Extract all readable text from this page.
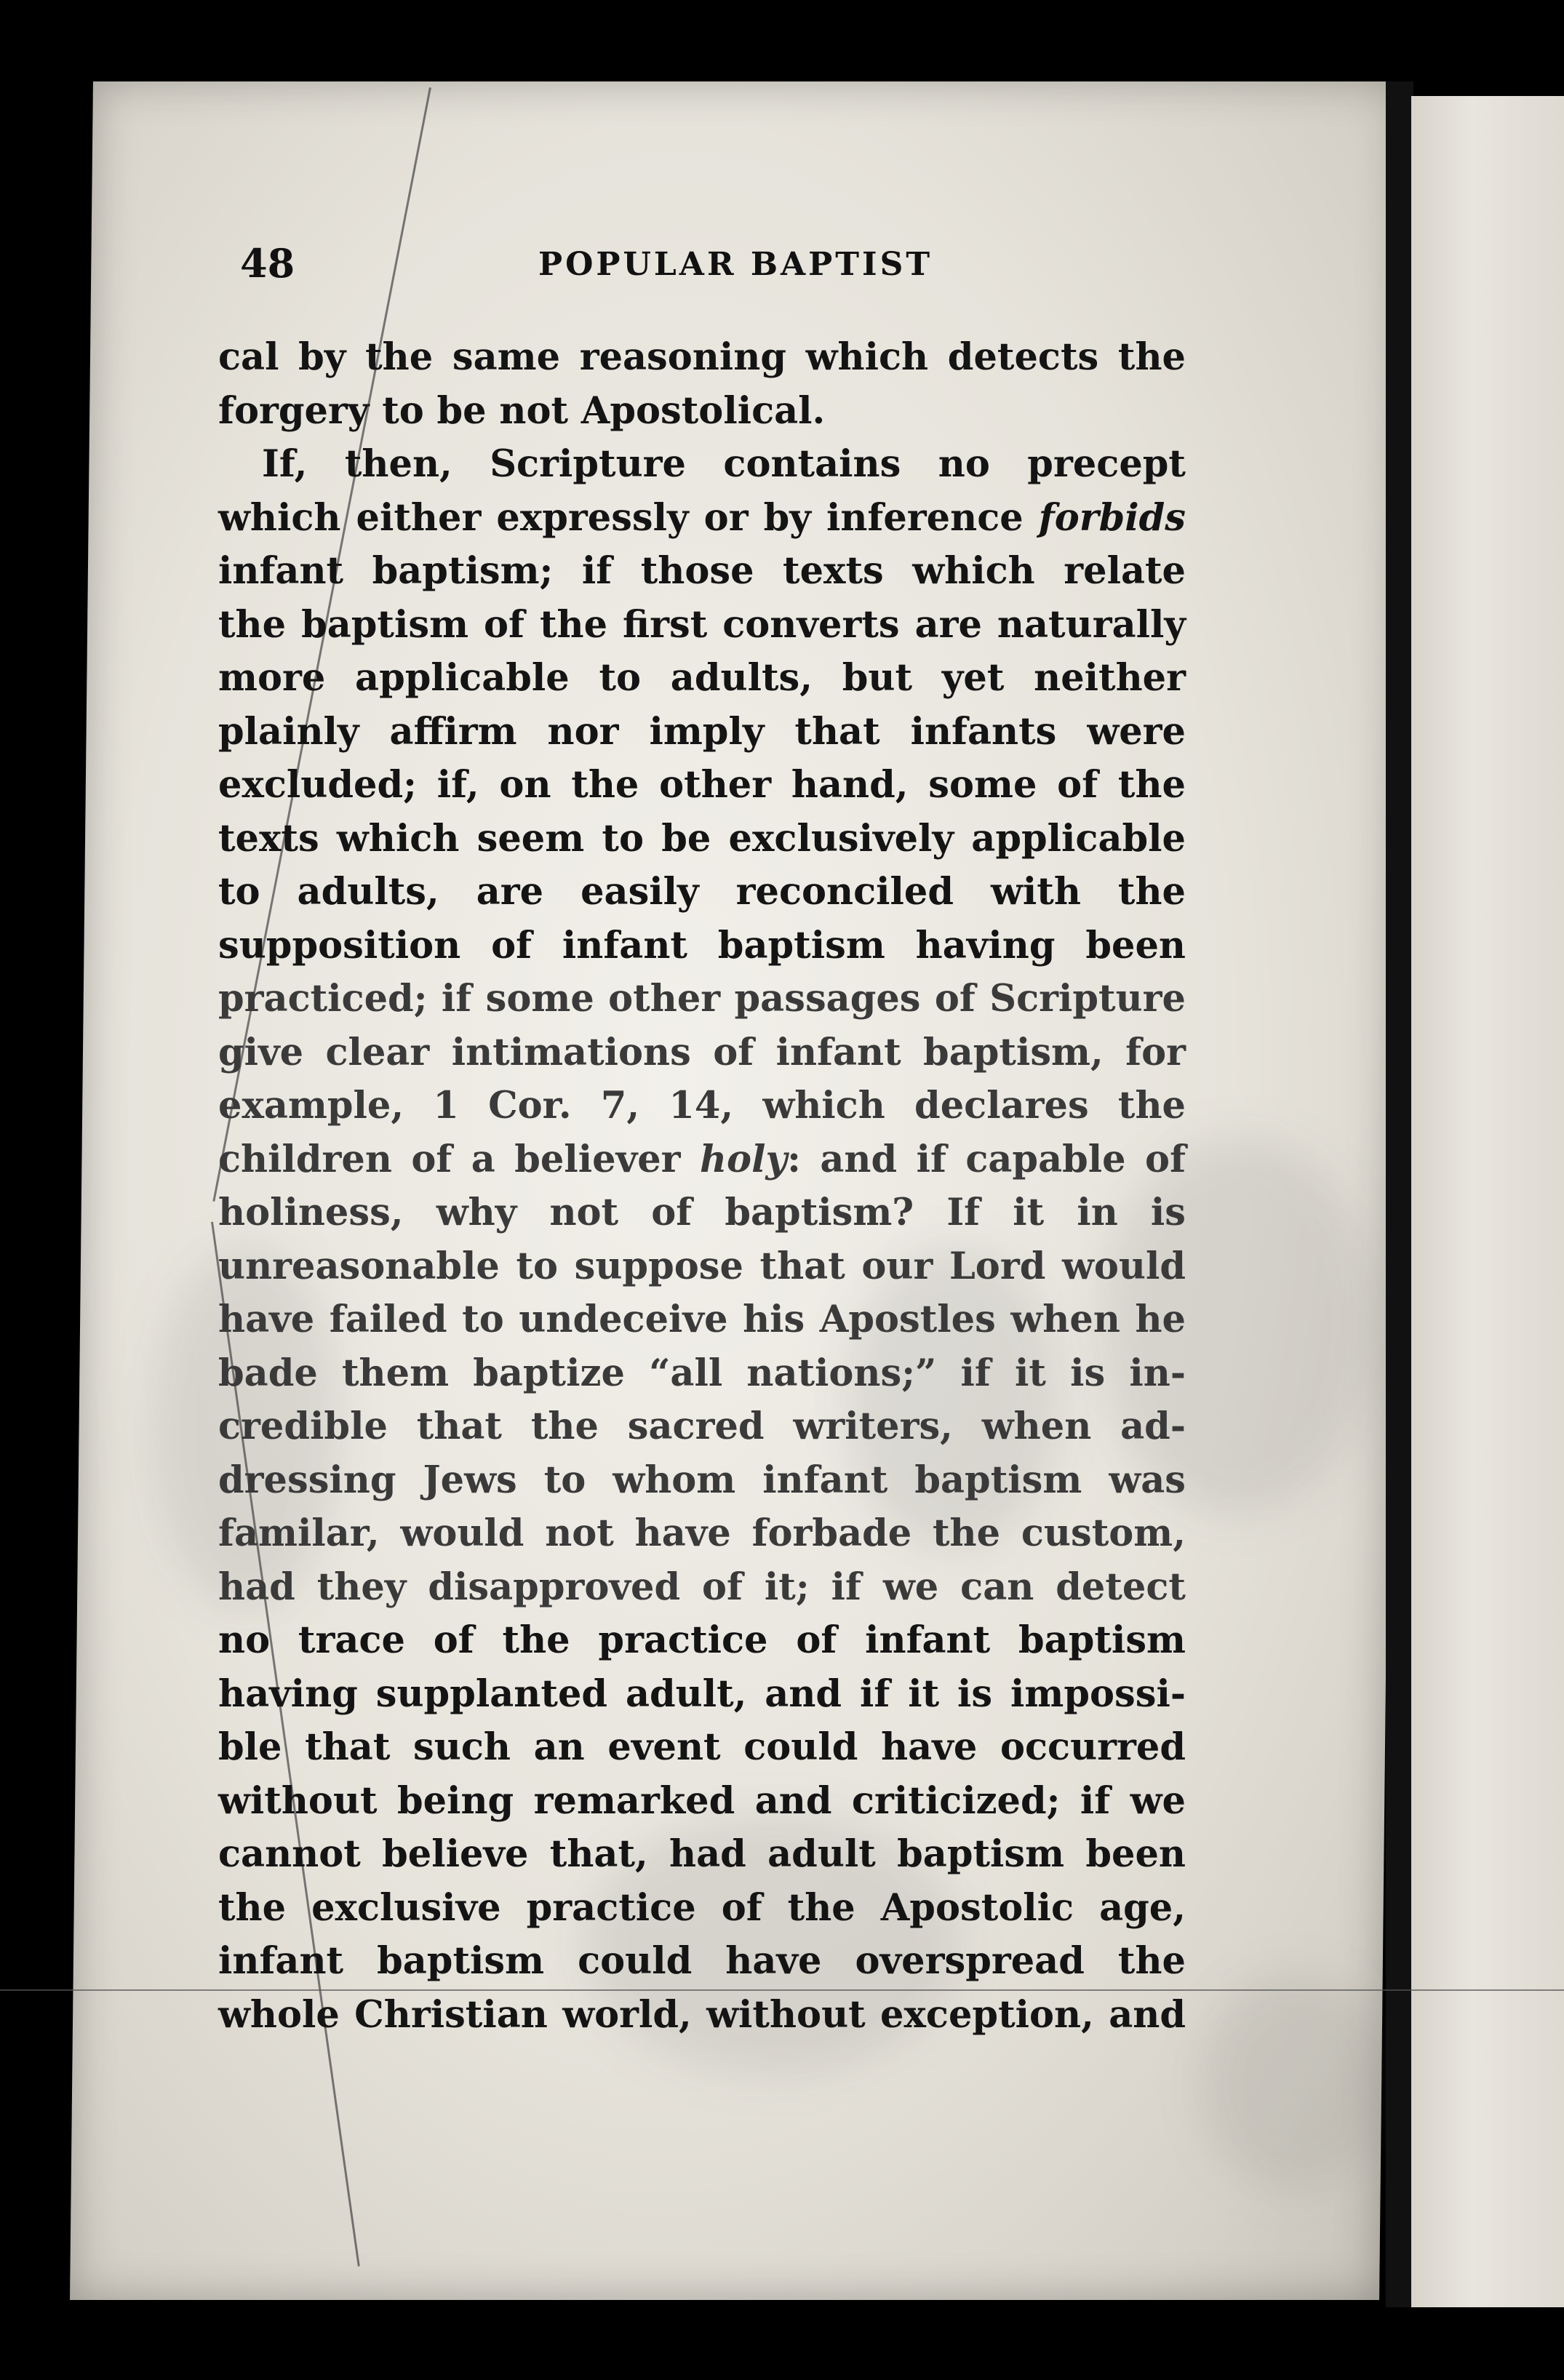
48	POPULAR BAPTIST
cal by the same reasoning which detects the
forgery to be not Apostolical.
If, then, Scripture contains no precept
which either expressly or by inference forbids
infant baptism; if those texts which relate
the baptism of the first converts are naturally
more applicable to adults, but yet neither
plainly affirm nor imply that infants were
excluded; if, on the other hand, some of the
texts which seem to be exclusively applicable
to adults, are easily reconciled with the
supposition of infant baptism having been
practiced; if some other passages of Scripture
give clear intimations of infant baptism, for
example, 1 Cor. 7, 14, which declares the
children of a believer holy: and if capable of
holiness, why not of baptism? If it in is
unreasonable to suppose that our Lord would
have failed to undeceive his Apostles when he
bade them baptize “all nations;” if it is in-
credible that the sacred writers, when ad-
dressing Jews to whom infant baptism was
familar, would not have forbade the custom,
had they disapproved of it; if we can detect
no trace of the practice of infant baptism
having supplanted adult, and if it is impossi-
ble that such an event could have occurred
without being remarked and criticized; if we
cannot believe that, had adult baptism been
the exclusive practice of the Apostolic age,
infant baptism could have overspread the
whole Christian world, without exception, and
